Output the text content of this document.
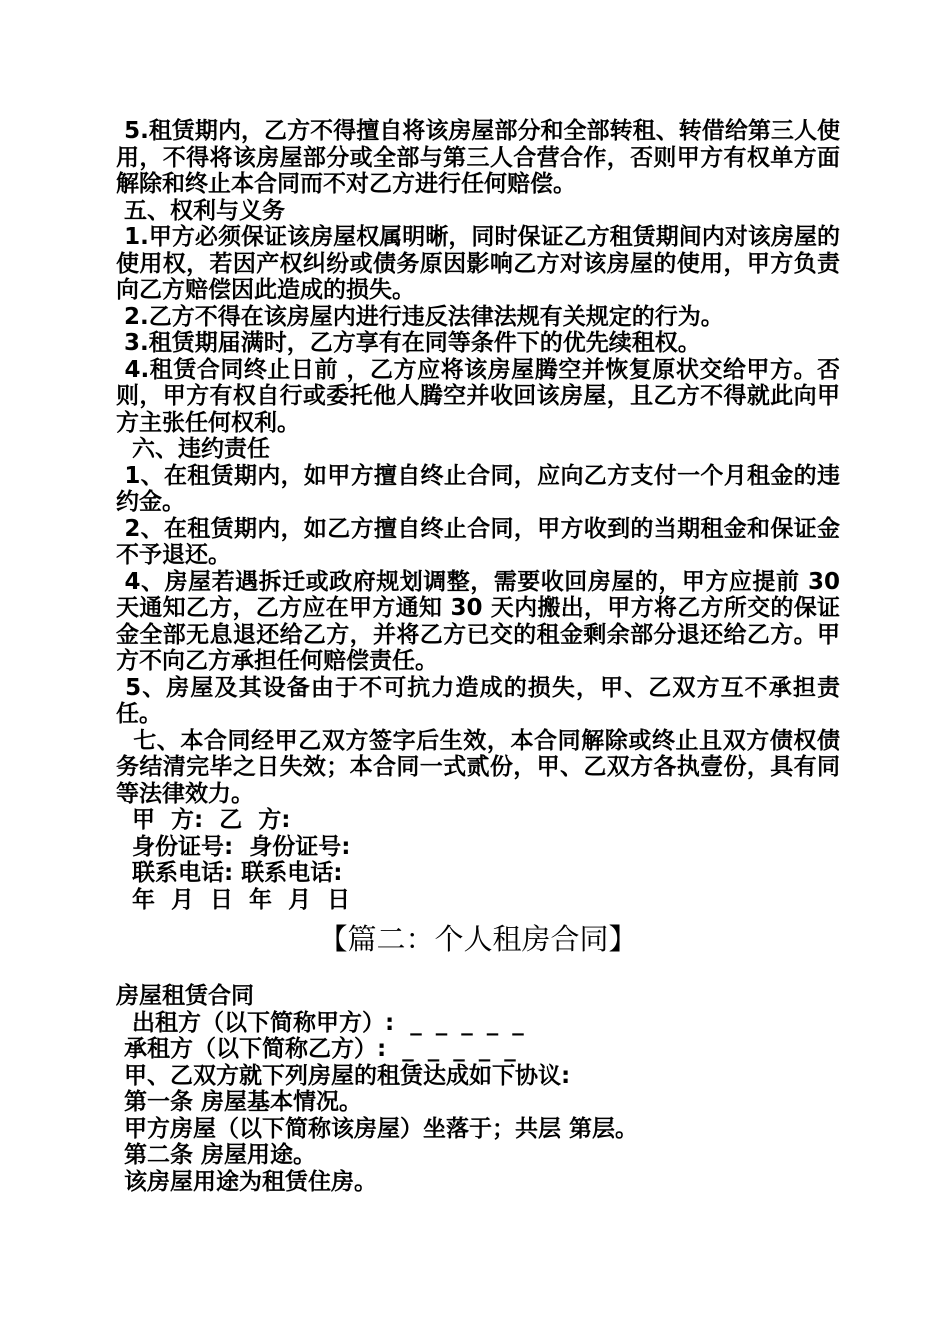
5.租赁期内，乙方不得擅自将该房屋部分和全部转租、转借给第三人使用，不得将该房屋部分或全部与第三人合营合作，否则甲方有权单方面解除和终止本合同而不对乙方进行任何赔偿。

五、权利与义务

1.甲方必须保证该房屋权属明晰，同时保证乙方租赁期间内对该房屋的使用权，若因产权纠纷或债务原因影响乙方对该房屋的使用，甲方负责向乙方赔偿因此造成的损失。

2.乙方不得在该房屋内进行违反法律法规有关规定的行为。

3.租赁期届满时，乙方享有在同等条件下的优先续租权。

4.租赁合同终止日前 ，乙方应将该房屋腾空并恢复原状交给甲方。否则，甲方有权自行或委托他人腾空并收回该房屋，且乙方不得就此向甲方主张任何权利。

六、违约责任

1、在租赁期内，如甲方擅自终止合同，应向乙方支付一个月租金的违约金。

2、在租赁期内，如乙方擅自终止合同，甲方收到的当期租金和保证金不予退还。

4、房屋若遇拆迁或政府规划调整，需要收回房屋的，甲方应提前 30 天通知乙方，乙方应在甲方通知 30 天内搬出，甲方将乙方所交的保证金全部无息退还给乙方，并将乙方已交的租金剩余部分退还给乙方。甲方不向乙方承担任何赔偿责任。

5、房屋及其设备由于不可抗力造成的损失，甲、乙双方互不承担责任。

七、本合同经甲乙双方签字后生效，本合同解除或终止且双方债权债务结清完毕之日失效；本合同一式贰份，甲、乙双方各执壹份，具有同等法律效力。

甲  方:  乙  方:

身份证号:  身份证号:

联系电话: 联系电话:

年  月  日  年  月  日

【篇二：个人租房合同】

房屋租赁合同

出租方（以下简称甲方）:  _ _ _ _ _

承租方（以下简称乙方）:  _ _ _ _ _

甲、乙双方就下列房屋的租赁达成如下协议:

第一条 房屋基本情况。

甲方房屋（以下简称该房屋）坐落于；共层 第层。

第二条 房屋用途。

该房屋用途为租赁住房。
